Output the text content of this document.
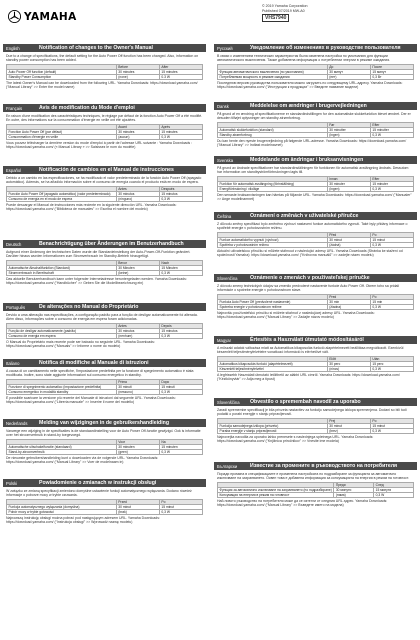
YAMAHA
© 2019 Yamaha Corporation
Published 07/2019 MW-A0
VHS7940
English	Notification of changes to the Owner's Manual

Due to a change of specifications, the default setting for the Auto Power Off function has been changed. Also, information on standby power consumption has been added.

	Before	After
Auto Power Off function (default)	30 minutes	15 minutes
Standby Power Consumption	(none)	0.3 W

The latest Owner's Manual can be downloaded from the following URL. Yamaha Downloads: https://download.yamaha.com/ ("Manual Library" >> Enter the model name)

Français	Avis de modification du Mode d'emploi

En raison d'une modification des caractéristiques techniques, le réglage par défaut de la fonction Auto Power Off a été modifié. En outre, des informations sur la consommation d'énergie en veille ont été ajoutées.

	Avant	Après
Fonction Auto Power Off (par défaut)	30 minutes	15 minutes
Consommation d'énergie en veille	(aucun)	0,3 W

Vous pouvez télécharger la dernière version du mode d'emploi à partir de l'adresse URL suivante : Yamaha Downloads : https://download.yamaha.com/ (« Manual Library » >> Saisissez le nom du modèle)

Español	Notificación de cambios en el Manual de instrucciones

Debido a un cambio en las especificaciones, se ha modificado el valor predeterminado de la función Auto Power Off (apagado automático). Además, se ha añadido información sobre el consumo de energía cuando el producto está en modo de espera.

	Antes	Después
Función Auto Power Off (apagado automático) (valor predeterminado)	30 minutos	15 minutos
Consumo de energía en el modo de espera	(ninguno)	0,3 W

Puede descargar el Manual de instrucciones más reciente en la siguiente dirección URL. Yamaha Downloads: https://download.yamaha.com/ ("Biblioteca de manuales" >> Escriba el nombre del modelo)

Deutsch	Benachrichtigung über Änderungen im Benutzerhandbuch

Aufgrund einer Änderung der technischen Daten wurde die Standardeinstellung der Auto-Power-Off-Funktion geändert. Darüber hinaus wurden Informationen zum Stromverbrauch im Standby-Betrieb hinzugefügt.

	Bevor	Nach
Automatische Abschaltfunktion (Standard)	30 Minuten	15 Minuten
Stromverbrauch in Bereitschaft	(keine)	0,3 W

Das aktuelle Benutzerhandbuch kann unter folgender Internetadresse heruntergeladen werden. Yamaha Downloads: https://download.yamaha.com/ ("Handbücher" >> Geben Sie die Modellbezeichnung ein)

Português	De alterações no Manual do Proprietário

Devido a uma alteração nas especificações, a configuração padrão para a função de desligar automaticamente foi alterada. Além disso, informações sobre o consumo de energia em espera foram adicionadas.

	Antes	Depois
Função de desligar automaticamente (padrão)	30 minutos	15 minutos
Consumo de energia em espera	(nenhum)	0,3 W

O Manual do Proprietário mais recente pode ser baixado no seguinte URL. Yamaha Downloads: https://download.yamaha.com/ ("Manuals" >> Informe o nome do modelo)

Italiano	Notifica di modifiche al Manuale di istruzioni

A causa di un cambiamento nelle specifiche, l'impostazione predefinita per la funzione di spegnimento automatico è stata modificata. Inoltre, sono state aggiunte informazioni sul consumo energetico in standby.

	Prima	Dopo
Funzione di spegnimento automatico (impostazione predefinita)	30 minuti	15 minuti
Consumo energetico in modalità standby	(nessuno)	0,3 W

È possibile scaricare la versione più recente del Manuale di istruzioni dal seguente URL. Yamaha Downloads: https://download.yamaha.com/ ("Libreria manuale" >> Inserire il nome del modello)

Nederlands	Melding van wijzigingen in de gebruikershandleiding

Vanwege een wijziging in de specificaties is de standaardinstelling voor de Auto Power Off-functie gewijzigd. Ook is informatie over het stroomverbruik in stand-by toegevoegd.

	Voor	Na
Automatische uitschakelfunctie (standaard)	30 minuten	15 minuten
Stand-by-stroomverbruik	(geen)	0,3 W

De nieuwste gebruikershandleiding kunt u downloaden via de volgende URL. Yamaha Downloads: https://download.yamaha.com/ ("Manual Library" >> Voer de modelnaam in)

Polski	Powiadomienie o zmianach w instrukcji obsługi

W związku ze zmianą specyfikacji zmieniono domyślne ustawienie funkcji automatycznego wyłączania. Dodano również informacje o poborze mocy w trybie czuwania.

	Przed	Po
Funkcja automatycznego wyłączania (domyślna)	30 minut	15 minut
Pobór mocy w trybie gotowości	(brak)	0,3 W

Najnowszą instrukcję obsługi można pobrać pod następującym adresem URL. Yamaha Downloads: https://download.yamaha.com/ ("Instrukcja obsługi" >> Wprowadź nazwę modelu)

Русский	Уведомление об изменениях в руководстве пользователя

В связи с изменением технических характеристик была изменена настройка по умолчанию для функции автоматического выключения. Также добавлена информация о потреблении энергии в режиме ожидания.

	До	После
Функция автоматического выключения (по умолчанию)	30 минут	15 минут
Потребляемая мощность в режиме ожидания	(нет)	0,3 Вт

Последнюю версию руководства пользователя можно загрузить по следующему URL-адресу. Yamaha Downloads: https://download.yamaha.com/ ("Инструкции к продукции" >> Введите название модели)

Dansk	Meddelelse om ændringer i brugervejledningen

På grund af en ændring af specifikationerne er standardindstillingen for den automatiske slukkefunktion blevet ændret. Der er desuden tilføjet oplysninger om standby-strømforbrug.

	Før	Efter
Automatisk slukkefunktion (standard)	30 minutter	15 minutter
Standby-strømforbrug	(ingen)	0,3 W

Du kan hente den nyeste brugervejledning på følgende URL-adresse. Yamaha Downloads: https://download.yamaha.com/ ("Manual Library" >> Indtast modelnavnet)

Svenska	Meddelande om ändringar i bruksanvisningen

På grund av ändrade specifikationer har standardinställningen för funktionen för automatisk avstängning ändrats. Dessutom har information om standbyströmförbrukningen lagts till.

	Innan	Efter
Funktion för automatisk avstängning (förinställning)	30 minuter	15 minuter
Energiförbrukning i viloläge	(ingen)	0,3 W

Den senaste bruksanvisningen kan hämtas på följande URL. Yamaha Downloads: https://download.yamaha.com/ ("Manualer" >> Ange modellnamnet)

Čeština	Oznámení o změnách v uživatelské příručce

Z důvodu změny specifikací bylo změněno výchozí nastavení funkce automatického vypnutí. Také byly přidány informace o spotřebě energie v pohotovostním režimu.

	Před	Po
Funkce automatického vypnutí (výchozí)	30 minut	15 minut
Spotřeba v pohotovostním režimu	(žádná)	0,3 W

Aktuální uživatelskou příručku si můžete stáhnout z následující adresy URL. Yamaha Downloads (Stránka ke stažení od společnosti Yamaha): https://download.yamaha.com/ ("Knihovna manuálů" >> zadejte název modelu)

Slovenčina	Oznámenie o zmenách v používateľskej príručke

Z dôvodu zmeny technických údajov sa zmenilo predvolené nastavenie funkcie Auto Power Off. Okrem toho sa pridali informácie o spotrebe energie v pohotovostnom stave.

	Pred	Po
Funkcia Auto Power Off (predvolené nastavenie)	30 min	15 min
Spotreba energie v pohotovostnom režime	(žiadna)	0,3 W

Najnovšiu používateľskú príručku si môžete stiahnuť z nasledujúcej adresy URL. Yamaha Downloads: https://download.yamaha.com/ ("Manual Library" >> Zadajte názov modelu)

Magyar	Értesítés a Használati útmutató módosításáról

A műszaki adatok változása miatt az Automatikus kikapcsolás funkció alapértelmezett beállítása megváltozott. Ezenkívül készenléti teljesítményfelvételre vonatkozó információ is elérhetővé vált.

	Előtt	Után
Automatikus kikapcsolás funkció (alapértelmezett)	30 perc	15 perc
Készenléti teljesítményfelvétel	(nincs)	0,3 W

A legfrissebb Használati útmutató letölthető az alábbi URL címről. Yamaha Downloads: https://download.yamaha.com/ ("Kézikönyvtár" >> Adja meg a típust)

Slovenščina	Obvestilo o spremembah navodil za uporabo

Zaradi spremembe specifikacij je bila privzeta nastavitev za funkcijo samodejnega izklopa spremenjena. Dodani so bili tudi podatki o porabi energije v stanju pripravljenosti.

	Prej	Po
Funkcija samodejnega izklopa (privzeto)	30 minut	15 minut
Poraba energije v stanju pripravljenosti	(brez)	0,3 W

Najnovejša navodila za uporabo lahko prenesete s naslednjega spletnega URL. Yamaha Downloads: https://download.yamaha.com/ ("Knjižnica priročnikov" >> Vnesite ime modela)

Български	Известие за промените в ръководството на потребителя

Поради промяна в спецификациите е променена настройката по подразбиране за функцията за автоматично изключване на захранването. Освен това е добавена информация за консумацията на енергия в режим на готовност.

	Преди	След
Функция за автоматично изключване на захранването (по подразбиране)	30 минути	15 минути
Консумация на енергия в режим на готовност	(няма)	0,3 W

Най-новото ръководство на потребителя може да се изтегли от следния URL адрес. Yamaha Downloads: https://download.yamaha.com/ ("Manual Library" >> Въведете името на модела)
